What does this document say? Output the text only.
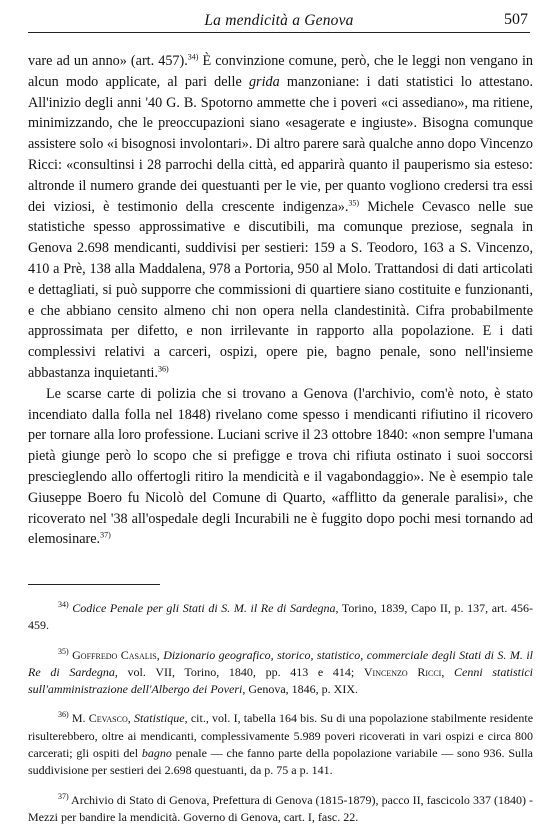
La mendicità a Genova	507

vare ad un anno» (art. 457).$^{34)}$ È convinzione comune, però, che le leggi non vengano in alcun modo applicate, al pari delle grida manzoniane: i dati statistici lo attestano. All'inizio degli anni '40 G. B. Spotorno ammette che i poveri «ci assediano», ma ritiene, minimizzando, che le preoccupazioni siano «esagerate e ingiuste». Bisogna comunque assistere solo «i bisognosi involontari». Di altro parere sarà qualche anno dopo Vincenzo Ricci: «consultinsi i 28 parrochi della città, ed apparirà quanto il pauperismo sia esteso: altronde il numero grande dei questuanti per le vie, per quanto vogliono credersi tra essi dei viziosi, è testimonio della crescente indigenza».$^{35)}$ Michele Cevasco nelle sue statistiche spesso approssimative e discutibili, ma comunque preziose, segnala in Genova 2.698 mendicanti, suddivisi per sestieri: 159 a S. Teodoro, 163 a S. Vincenzo, 410 a Prè, 138 alla Maddalena, 978 a Portoria, 950 al Molo. Trattandosi di dati articolati e dettagliati, si può supporre che commissioni di quartiere siano costituite e funzionanti, e che abbiano censito almeno chi non opera nella clandestinità. Cifra probabilmente approssimata per difetto, e non irrilevante in rapporto alla popolazione. E i dati complessivi relativi a carceri, ospizi, opere pie, bagno penale, sono nell'insieme abbastanza inquietanti.$^{36)}$

Le scarse carte di polizia che si trovano a Genova (l'archivio, com'è noto, è stato incendiato dalla folla nel 1848) rivelano come spesso i mendicanti rifiutino il ricovero per tornare alla loro professione. Luciani scrive il 23 ottobre 1840: «non sempre l'umana pietà giunge però lo scopo che si prefigge e trova chi rifiuta ostinato i suoi soccorsi prescieglendo allo offertogli ritiro la mendicità e il vagabondaggio». Ne è esempio tale Giuseppe Boero fu Nicolò del Comune di Quarto, «afflitto da generale paralisi», che ricoverato nel '38 all'ospedale degli Incurabili ne è fuggito dopo pochi mesi tornando ad elemosinare.$^{37)}$

$^{34)}$ Codice Penale per gli Stati di S. M. il Re di Sardegna, Torino, 1839, Capo II, p. 137, art. 456-459.

$^{35)}$ Goffredo Casalis, Dizionario geografico, storico, statistico, commerciale degli Stati di S. M. il Re di Sardegna, vol. VII, Torino, 1840, pp. 413 e 414; Vincenzo Ricci, Cenni statistici sull'amministrazione dell'Albergo dei Poveri, Genova, 1846, p. XIX.

$^{36)}$ M. Cevasco, Statistique, cit., vol. I, tabella 164 bis. Su di una popolazione stabilmente residente risulterebbero, oltre ai mendicanti, complessivamente 5.989 poveri ricoverati in vari ospizi e circa 800 carcerati; gli ospiti del bagno penale — che fanno parte della popolazione variabile — sono 936. Sulla suddivisione per sestieri dei 2.698 questuanti, da p. 75 a p. 141.

$^{37)}$ Archivio di Stato di Genova, Prefettura di Genova (1815-1879), pacco II, fascicolo 337 (1840) - Mezzi per bandire la mendicità. Governo di Genova, cart. I, fasc. 22.
